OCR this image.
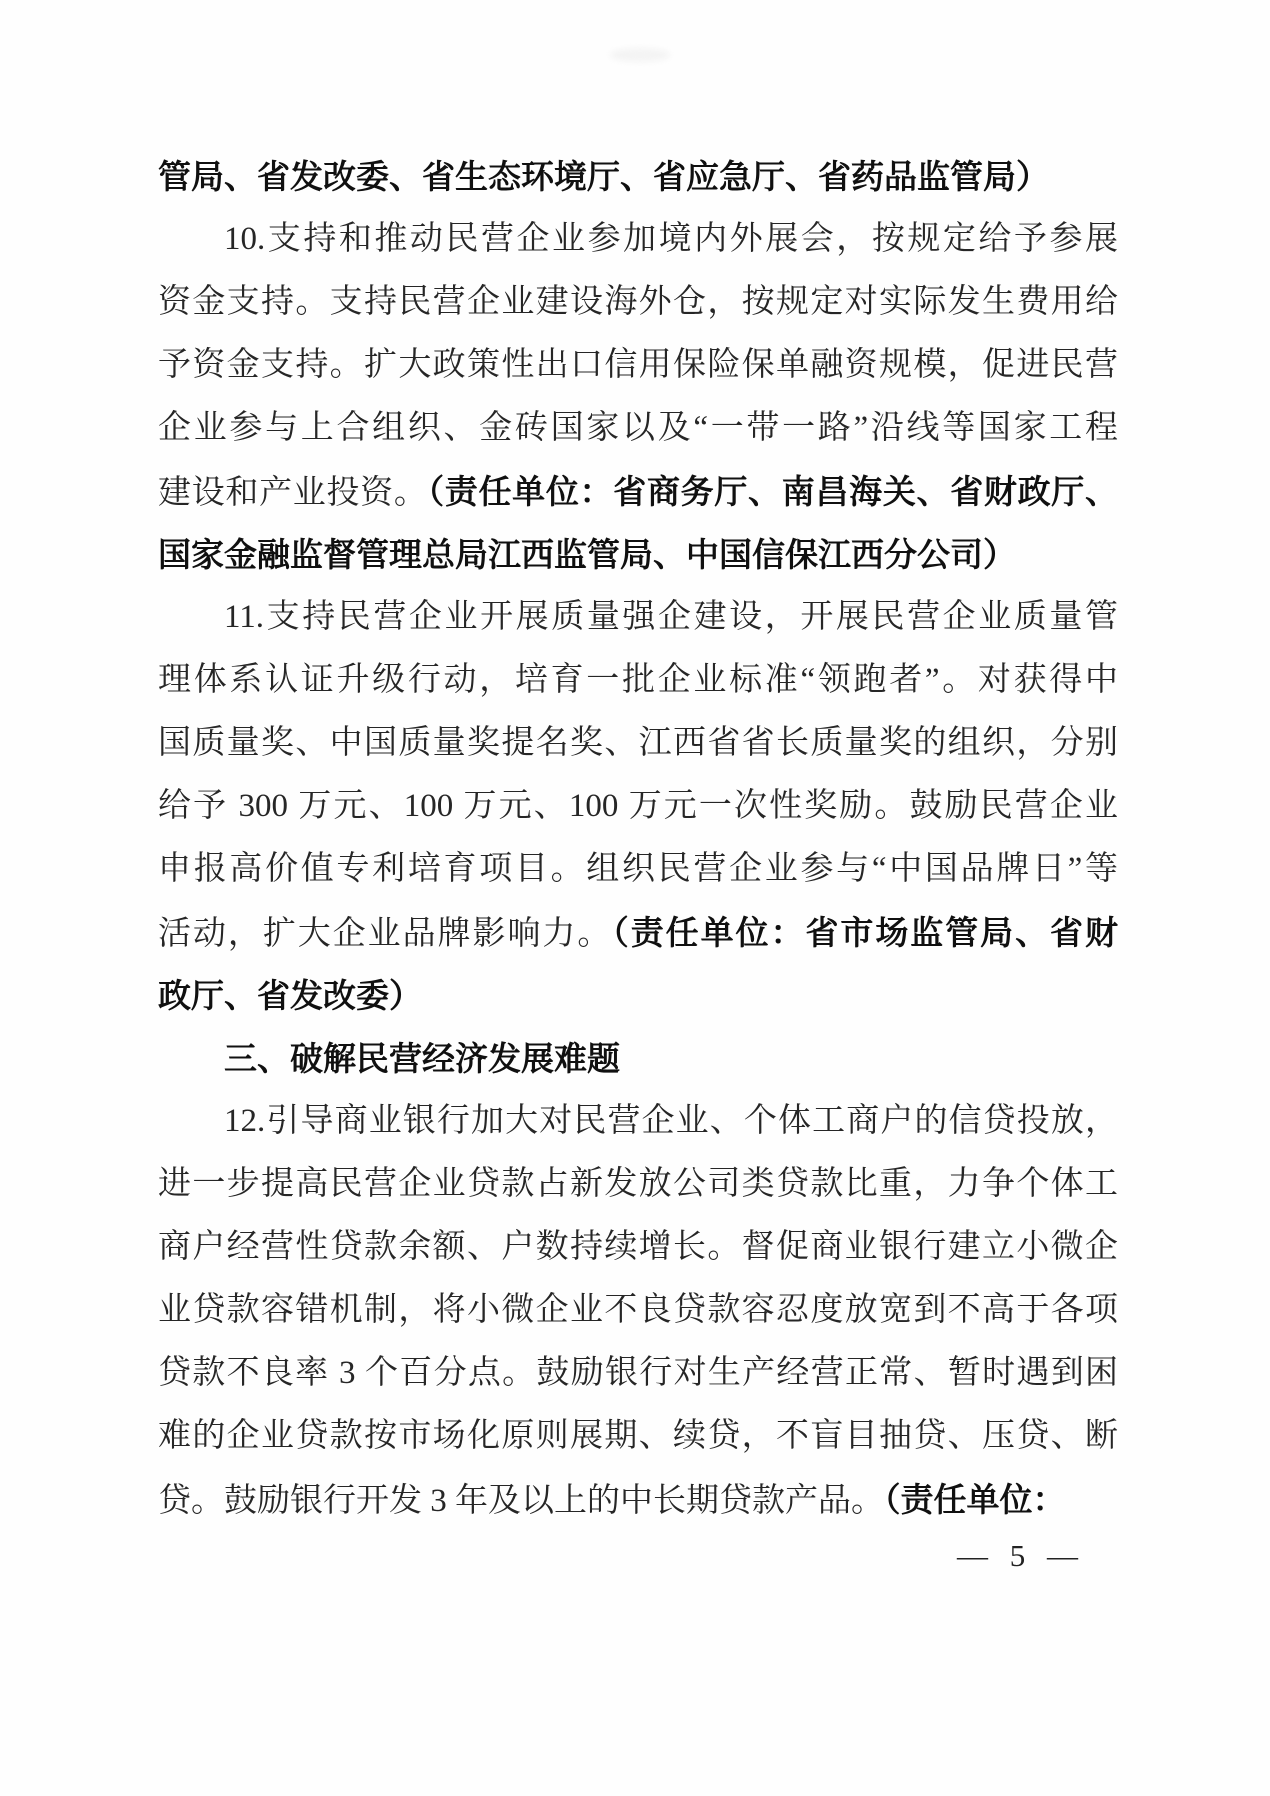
管局、省发改委、省生态环境厅、省应急厅、省药品监管局）
10.支持和推动民营企业参加境内外展会，按规定给予参展
资金支持。支持民营企业建设海外仓，按规定对实际发生费用给
予资金支持。扩大政策性出口信用保险保单融资规模，促进民营
企业参与上合组织、金砖国家以及“一带一路”沿线等国家工程
建设和产业投资。（责任单位：省商务厅、南昌海关、省财政厅、
国家金融监督管理总局江西监管局、中国信保江西分公司）
11.支持民营企业开展质量强企建设，开展民营企业质量管
理体系认证升级行动，培育一批企业标准“领跑者”。对获得中
国质量奖、中国质量奖提名奖、江西省省长质量奖的组织，分别
给予 300 万元、100 万元、100 万元一次性奖励。鼓励民营企业
申报高价值专利培育项目。组织民营企业参与“中国品牌日”等
活动，扩大企业品牌影响力。（责任单位：省市场监管局、省财
政厅、省发改委）
三、破解民营经济发展难题
12.引导商业银行加大对民营企业、个体工商户的信贷投放，
进一步提高民营企业贷款占新发放公司类贷款比重，力争个体工
商户经营性贷款余额、户数持续增长。督促商业银行建立小微企
业贷款容错机制，将小微企业不良贷款容忍度放宽到不高于各项
贷款不良率 3 个百分点。鼓励银行对生产经营正常、暂时遇到困
难的企业贷款按市场化原则展期、续贷，不盲目抽贷、压贷、断
贷。鼓励银行开发 3 年及以上的中长期贷款产品。（责任单位：
— 5 —
